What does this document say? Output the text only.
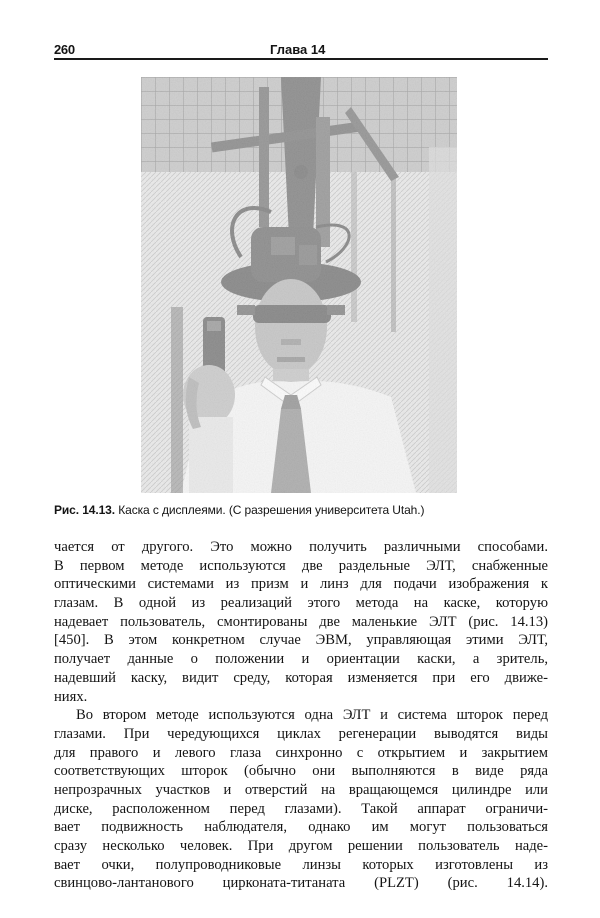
260	Глава 14
Рис. 14.13. Каска с дисплеями. (С разрешения университета Utah.)
чается от другого. Это можно получить различными способами.
В первом методе используются две раздельные ЭЛТ, снабженные
оптическими системами из призм и линз для подачи изображения к
глазам. В одной из реализаций этого метода на каске, которую
надевает пользователь, смонтированы две маленькие ЭЛТ (рис. 14.13)
[450]. В этом конкретном случае ЭВМ, управляющая этими ЭЛТ,
получает данные о положении и ориентации каски, а зритель,
надевший каску, видит среду, которая изменяется при его движе-
ниях.
Во втором методе используются одна ЭЛТ и система шторок перед
глазами. При чередующихся циклах регенерации выводятся виды
для правого и левого глаза синхронно с открытием и закрытием
соответствующих шторок (обычно они выполняются в виде ряда
непрозрачных участков и отверстий на вращающемся цилиндре или
диске, расположенном перед глазами). Такой аппарат ограничи-
вает подвижность наблюдателя, однако им могут пользоваться
сразу несколько человек. При другом решении пользователь наде-
вает очки, полупроводниковые линзы которых изготовлены из
свинцово-лантанового цирконата-титаната (PLZT) (рис. 14.14).
